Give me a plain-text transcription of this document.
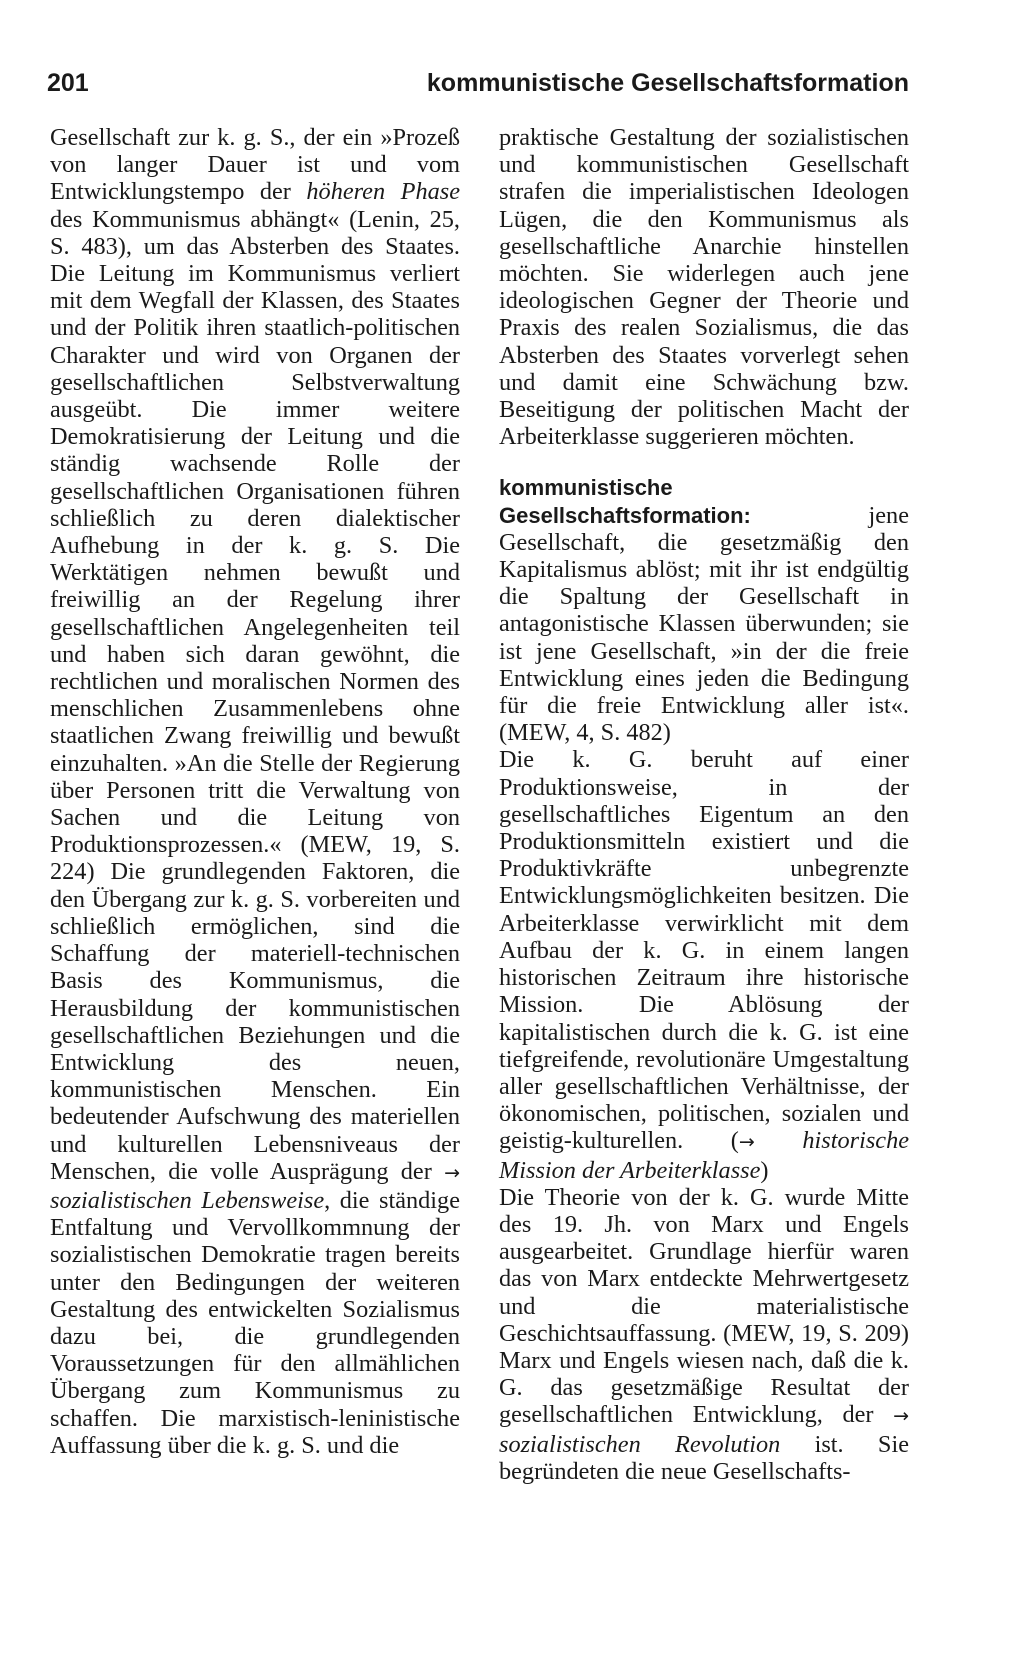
201	kommunistische Gesellschaftsformation

Gesellschaft zur k. g. S., der ein »Prozeß von langer Dauer ist und vom Entwicklungstempo der höheren Phase des Kommunismus abhängt« (Lenin, 25, S. 483), um das Absterben des Staates. Die Leitung im Kommunismus verliert mit dem Wegfall der Klassen, des Staates und der Politik ihren staatlich-politischen Charakter und wird von Organen der gesellschaftlichen Selbstverwaltung ausgeübt. Die immer weitere Demokratisierung der Leitung und die ständig wachsende Rolle der gesellschaftlichen Organisationen führen schließlich zu deren dialektischer Aufhebung in der k. g. S. Die Werktätigen nehmen bewußt und freiwillig an der Regelung ihrer gesellschaftlichen Angelegenheiten teil und haben sich daran gewöhnt, die rechtlichen und moralischen Normen des menschlichen Zusammenlebens ohne staatlichen Zwang freiwillig und bewußt einzuhalten. »An die Stelle der Regierung über Personen tritt die Verwaltung von Sachen und die Leitung von Produktionsprozessen.« (MEW, 19, S. 224) Die grundlegenden Faktoren, die den Übergang zur k. g. S. vorbereiten und schließlich ermöglichen, sind die Schaffung der materiell-technischen Basis des Kommunismus, die Herausbildung der kommunistischen gesellschaftlichen Beziehungen und die Entwicklung des neuen, kommunistischen Menschen. Ein bedeutender Aufschwung des materiellen und kulturellen Lebensniveaus der Menschen, die volle Ausprägung der → sozialistischen Lebensweise, die ständige Entfaltung und Vervollkommnung der sozialistischen Demokratie tragen bereits unter den Bedingungen der weiteren Gestaltung des entwickelten Sozialismus dazu bei, die grundlegenden Voraussetzungen für den allmählichen Übergang zum Kommunismus zu schaffen. Die marxistisch-leninistische Auffassung über die k. g. S. und die

praktische Gestaltung der sozialistischen und kommunistischen Gesellschaft strafen die imperialistischen Ideologen Lügen, die den Kommunismus als gesellschaftliche Anarchie hinstellen möchten. Sie widerlegen auch jene ideologischen Gegner der Theorie und Praxis des realen Sozialismus, die das Absterben des Staates vorverlegt sehen und damit eine Schwächung bzw. Beseitigung der politischen Macht der Arbeiterklasse suggerieren möchten.

kommunistische Gesellschaftsformation: jene Gesellschaft, die gesetzmäßig den Kapitalismus ablöst; mit ihr ist endgültig die Spaltung der Gesellschaft in antagonistische Klassen überwunden; sie ist jene Gesellschaft, »in der die freie Entwicklung eines jeden die Bedingung für die freie Entwicklung aller ist«. (MEW, 4, S. 482)

Die k. G. beruht auf einer Produktionsweise, in der gesellschaftliches Eigentum an den Produktionsmitteln existiert und die Produktivkräfte unbegrenzte Entwicklungsmöglichkeiten besitzen. Die Arbeiterklasse verwirklicht mit dem Aufbau der k. G. in einem langen historischen Zeitraum ihre historische Mission. Die Ablösung der kapitalistischen durch die k. G. ist eine tiefgreifende, revolutionäre Umgestaltung aller gesellschaftlichen Verhältnisse, der ökonomischen, politischen, sozialen und geistig-kulturellen. (→ historische Mission der Arbeiterklasse)

Die Theorie von der k. G. wurde Mitte des 19. Jh. von Marx und Engels ausgearbeitet. Grundlage hierfür waren das von Marx entdeckte Mehrwertgesetz und die materialistische Geschichtsauffassung. (MEW, 19, S. 209) Marx und Engels wiesen nach, daß die k. G. das gesetzmäßige Resultat der gesellschaftlichen Entwicklung, der → sozialistischen Revolution ist. Sie begründeten die neue Gesellschafts-
